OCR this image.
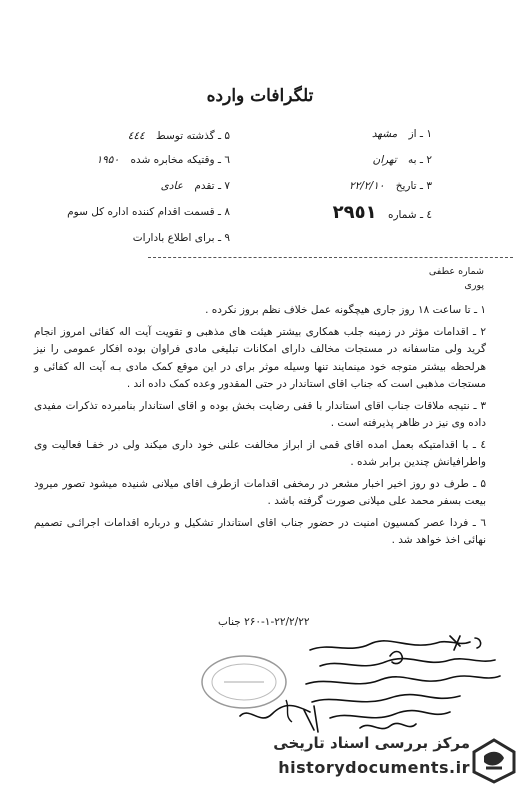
تلگرافات وارده
۱ ـ از مشهد
۲ ـ به تهران
۳ ـ تاریخ ۲۲/۲/۱۰
٤ ـ شماره ۲۹٥۱
۵ ـ گذشته توسط ٤٤٤
٦ ـ وقتیکه مخابره شده ۱۹۵۰
۷ ـ تقدم عادی
۸ ـ قسمت اقدام کننده اداره کل سوم
۹ ـ برای اطلاع بادارات
شماره عطفی
پوری

۱ ـ تا ساعت ۱۸ روز جاری هیچگونه عمل خلاف نظم بروز نکرده .

۲ ـ اقدامات مؤثر در زمینه جلب همکاری بیشتر هیئت های مذهبی و تقویت آیت اله کفائی امروز انجام گرید ولی متاسفانه در مستجات مخالف دارای امکانات تبلیغی مادی فراوان بوده افکار عمومی را نیز هرلحظه بیشتر متوجه خود مینمایند تنها وسیله موثر برای در این موقع کمک مادی بـه آیت اله کفائی و مستجات مذهبی است که جناب اقای استاندار در حتی المقدور وعده کمک داده اند .

۳ ـ نتیجه ملاقات جناب اقای استاندار با قفی رضایت بخش بوده و اقای استاندار بنامبرده تذکرات مفیدی داده وی نیز در ظاهر پذیرفته است .

٤ ـ با اقدامتیکه بعمل امده اقای قمی از ابراز مخالفت علنی خود داری میکند ولی در خفـا فعالیت وی واطرافیانش چندین برابر شده .

۵ ـ طرف دو روز اخیر اخبار مشعر در رمخفی اقدامات ازطرف اقای میلانی شنیده میشود تصور میرود بیعت بسفر محمد علی میلانی صورت گرفته باشد .

٦ ـ فردا عصر کمسیون امنیت در حضور جناب اقای استاندار تشکیل و درباره اقدامات اجرائـی تصمیم نهائی اخذ خواهد شد .

۲۶۰-۱-۲۲/۲/۲۲ جناب
مرکز بررسی اسناد تاریخی
historydocuments.ir
